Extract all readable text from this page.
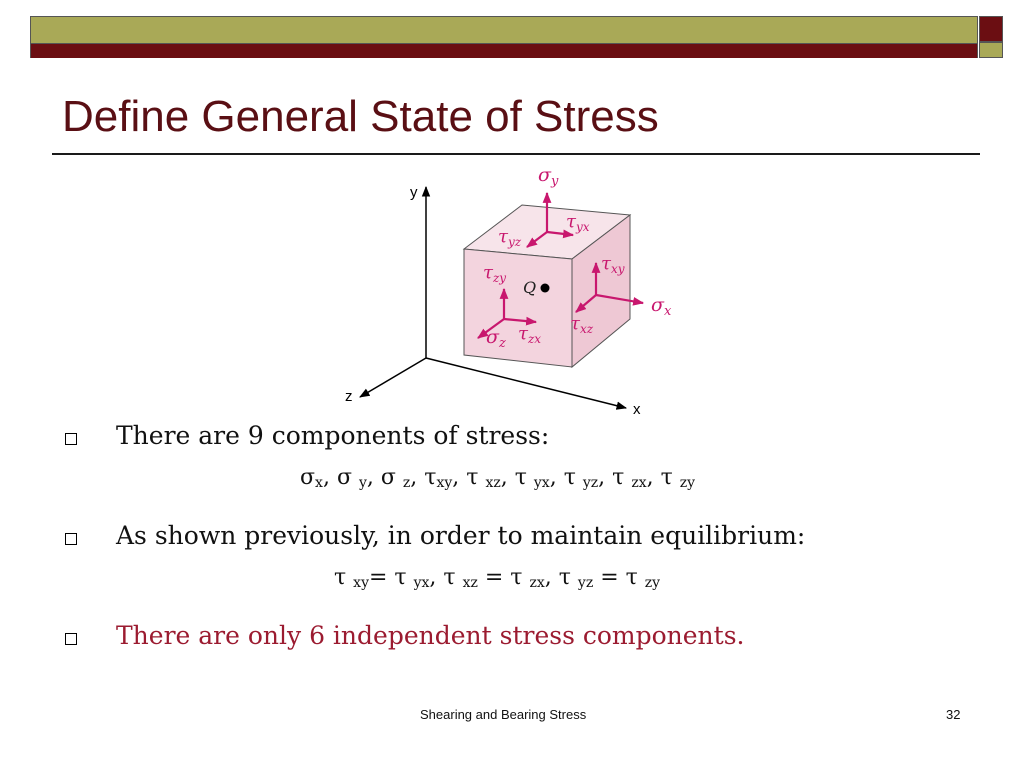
Define General State of Stress
y
x
z
Q
$\sigma_y$
$\tau_{yx}$
$\tau_{yz}$
$\tau_{xy}$
$\tau_{zy}$
$\sigma_x$
$\tau_{xz}$
$\tau_{zx}$
$\sigma_z$
There are 9 components of stress:
$\sigma_x$, σ $_y$, σ $_z$, $\tau_{xy}$, τ $_{xz}$, τ $_{yx}$, τ $_{yz}$, τ $_{zx}$, τ $_{zy}$
As shown previously, in order to maintain equilibrium:
τ $_{xy}$= τ $_{yx}$, τ $_{xz}$ = τ $_{zx}$, τ $_{yz}$ = τ $_{zy}$
There are only 6 independent stress components.
Shearing and Bearing Stress	32
